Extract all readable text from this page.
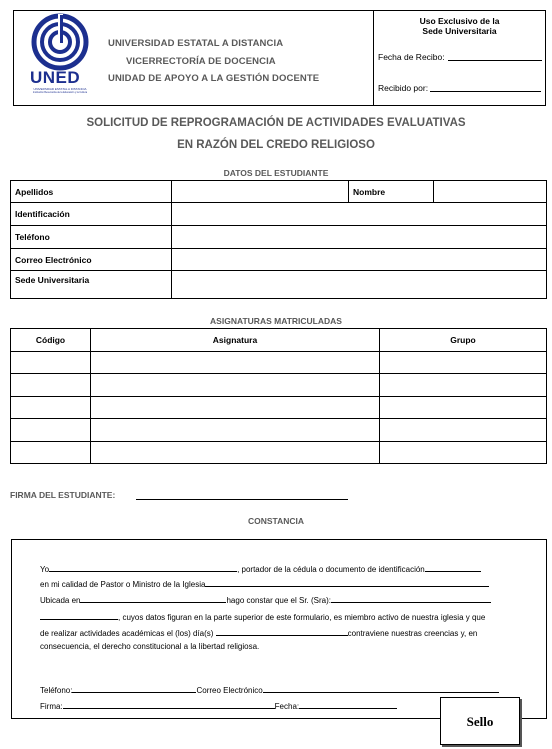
UNED
UNIVERSIDAD ESTATAL A DISTANCIA
Institución Benemérita de la Educación y la Cultura
UNIVERSIDAD ESTATAL A DISTANCIA
VICERRECTORÍA DE DOCENCIA
UNIDAD DE APOYO A LA GESTIÓN DOCENTE
Uso Exclusivo de la
Sede Universitaria
Fecha de Recibo:
Recibido por:
SOLICITUD DE REPROGRAMACIÓN DE ACTIVIDADES EVALUATIVAS
EN RAZÓN DEL CREDO RELIGIOSO
DATOS DEL ESTUDIANTE
Apellidos		Nombre	
Identificación			
Teléfono			
Correo Electrónico			
Sede Universitaria			
ASIGNATURAS MATRICULADAS
Código	Asignatura	Grupo

FIRMA DEL ESTUDIANTE:
CONSTANCIA
Yo	, portador de la cédula o documento de identificación
en mi calidad de Pastor o Ministro de la Iglesia
Ubicada en	hago constar que el Sr. (Sra):
, cuyos datos figuran en la parte superior de este formulario, es miembro activo de nuestra iglesia y que
de realizar actividades académicas el (los) día(s)	contraviene nuestras creencias y, en
consecuencia, el derecho constitucional a la libertad religiosa.
Teléfono:	Correo Electrónico
Firma:	Fecha:
Sello
